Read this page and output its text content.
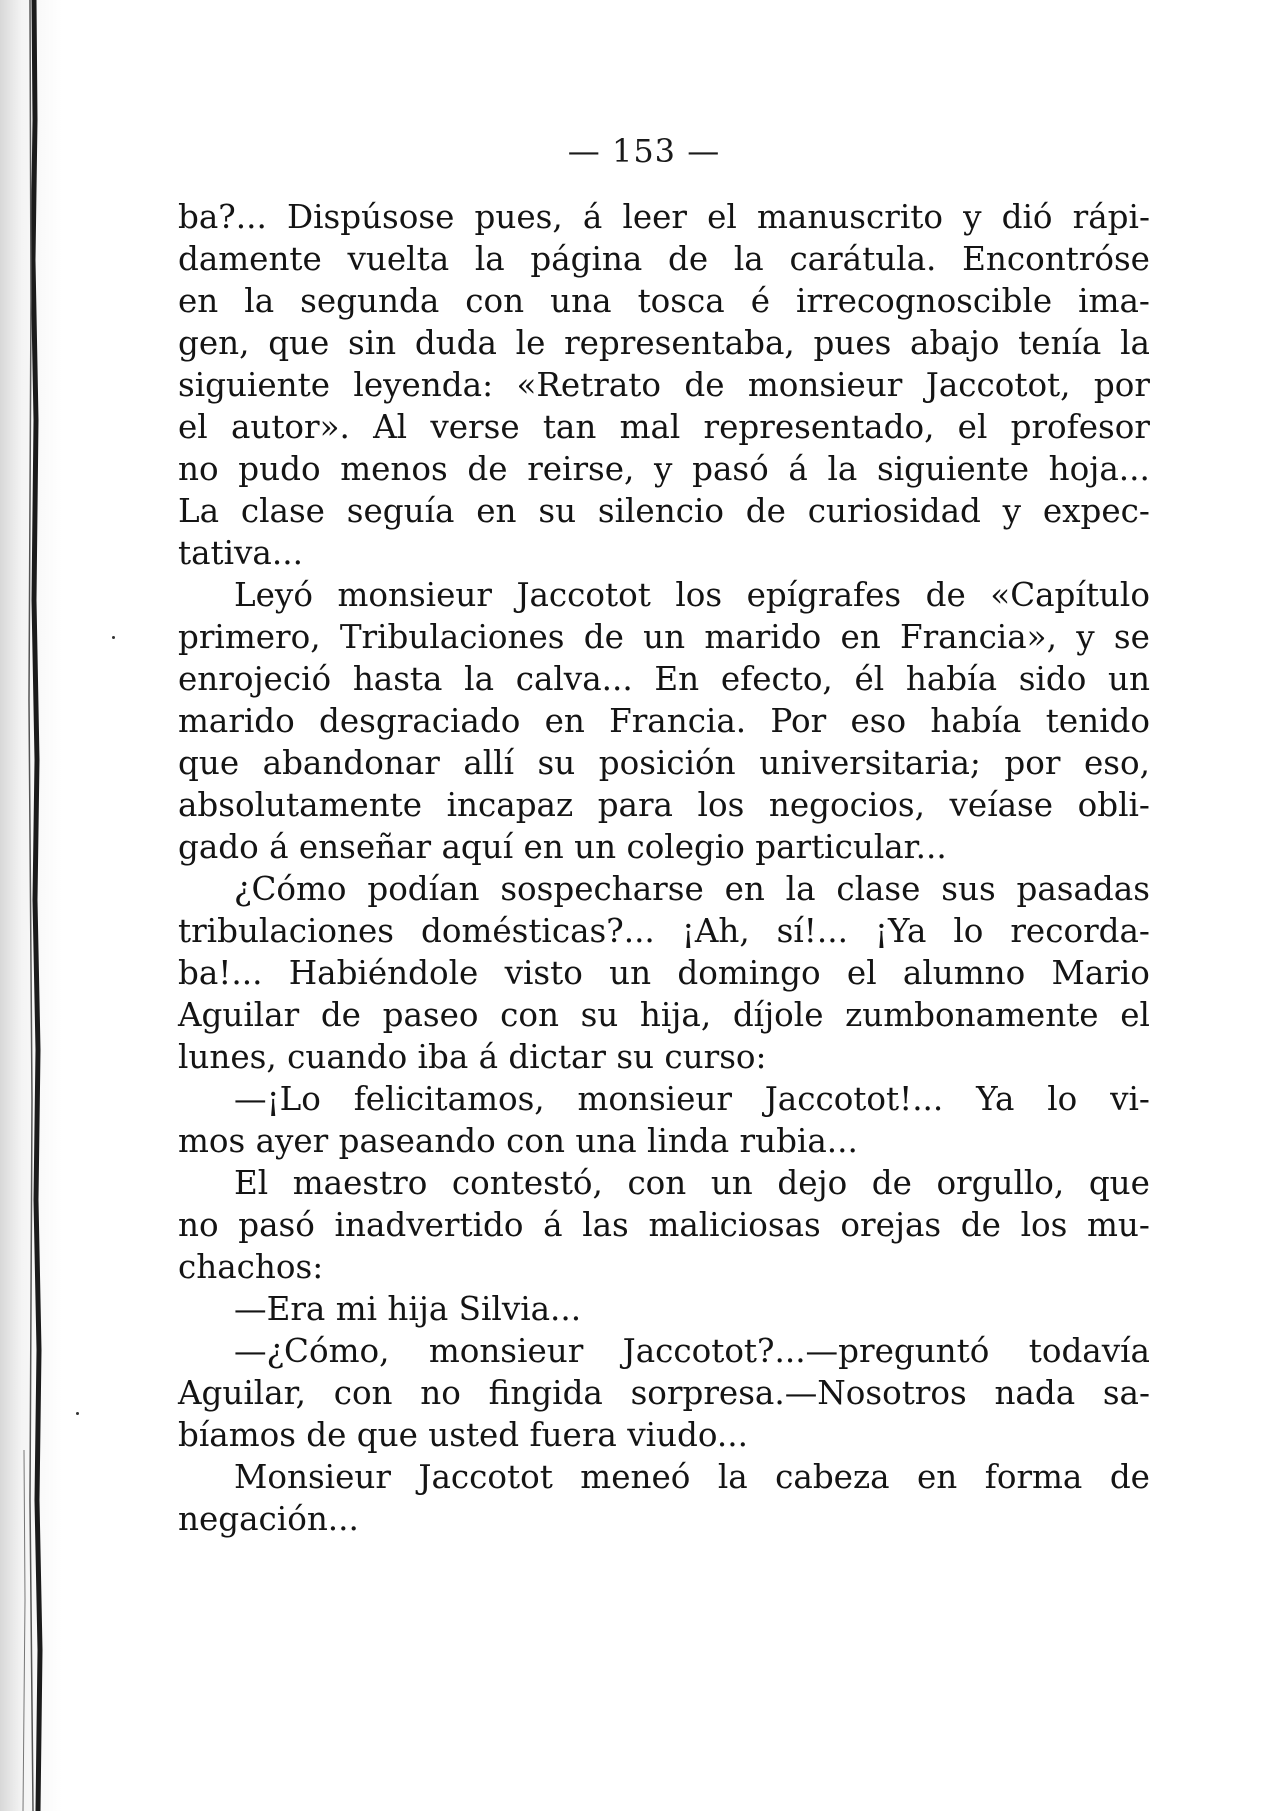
— 153 —
ba?... Dispúsose pues, á leer el manuscrito y dió rápi-
damente vuelta la página de la carátula. Encontróse
en la segunda con una tosca é irrecognoscible ima-
gen, que sin duda le representaba, pues abajo tenía la
siguiente leyenda: «Retrato de monsieur Jaccotot, por
el autor». Al verse tan mal representado, el profesor
no pudo menos de reirse, y pasó á la siguiente hoja...
La clase seguía en su silencio de curiosidad y expec-
tativa...
Leyó monsieur Jaccotot los epígrafes de «Capítulo
primero, Tribulaciones de un marido en Francia», y se
enrojeció hasta la calva... En efecto, él había sido un
marido desgraciado en Francia. Por eso había tenido
que abandonar allí su posición universitaria; por eso,
absolutamente incapaz para los negocios, veíase obli-
gado á enseñar aquí en un colegio particular...
¿Cómo podían sospecharse en la clase sus pasadas
tribulaciones domésticas?... ¡Ah, sí!... ¡Ya lo recorda-
ba!... Habiéndole visto un domingo el alumno Mario
Aguilar de paseo con su hija, díjole zumbonamente el
lunes, cuando iba á dictar su curso:
—¡Lo felicitamos, monsieur Jaccotot!... Ya lo vi-
mos ayer paseando con una linda rubia...
El maestro contestó, con un dejo de orgullo, que
no pasó inadvertido á las maliciosas orejas de los mu-
chachos:
—Era mi hija Silvia...
—¿Cómo, monsieur Jaccotot?...—preguntó todavía
Aguilar, con no fingida sorpresa.—Nosotros nada sa-
bíamos de que usted fuera viudo...
Monsieur Jaccotot meneó la cabeza en forma de
negación...
